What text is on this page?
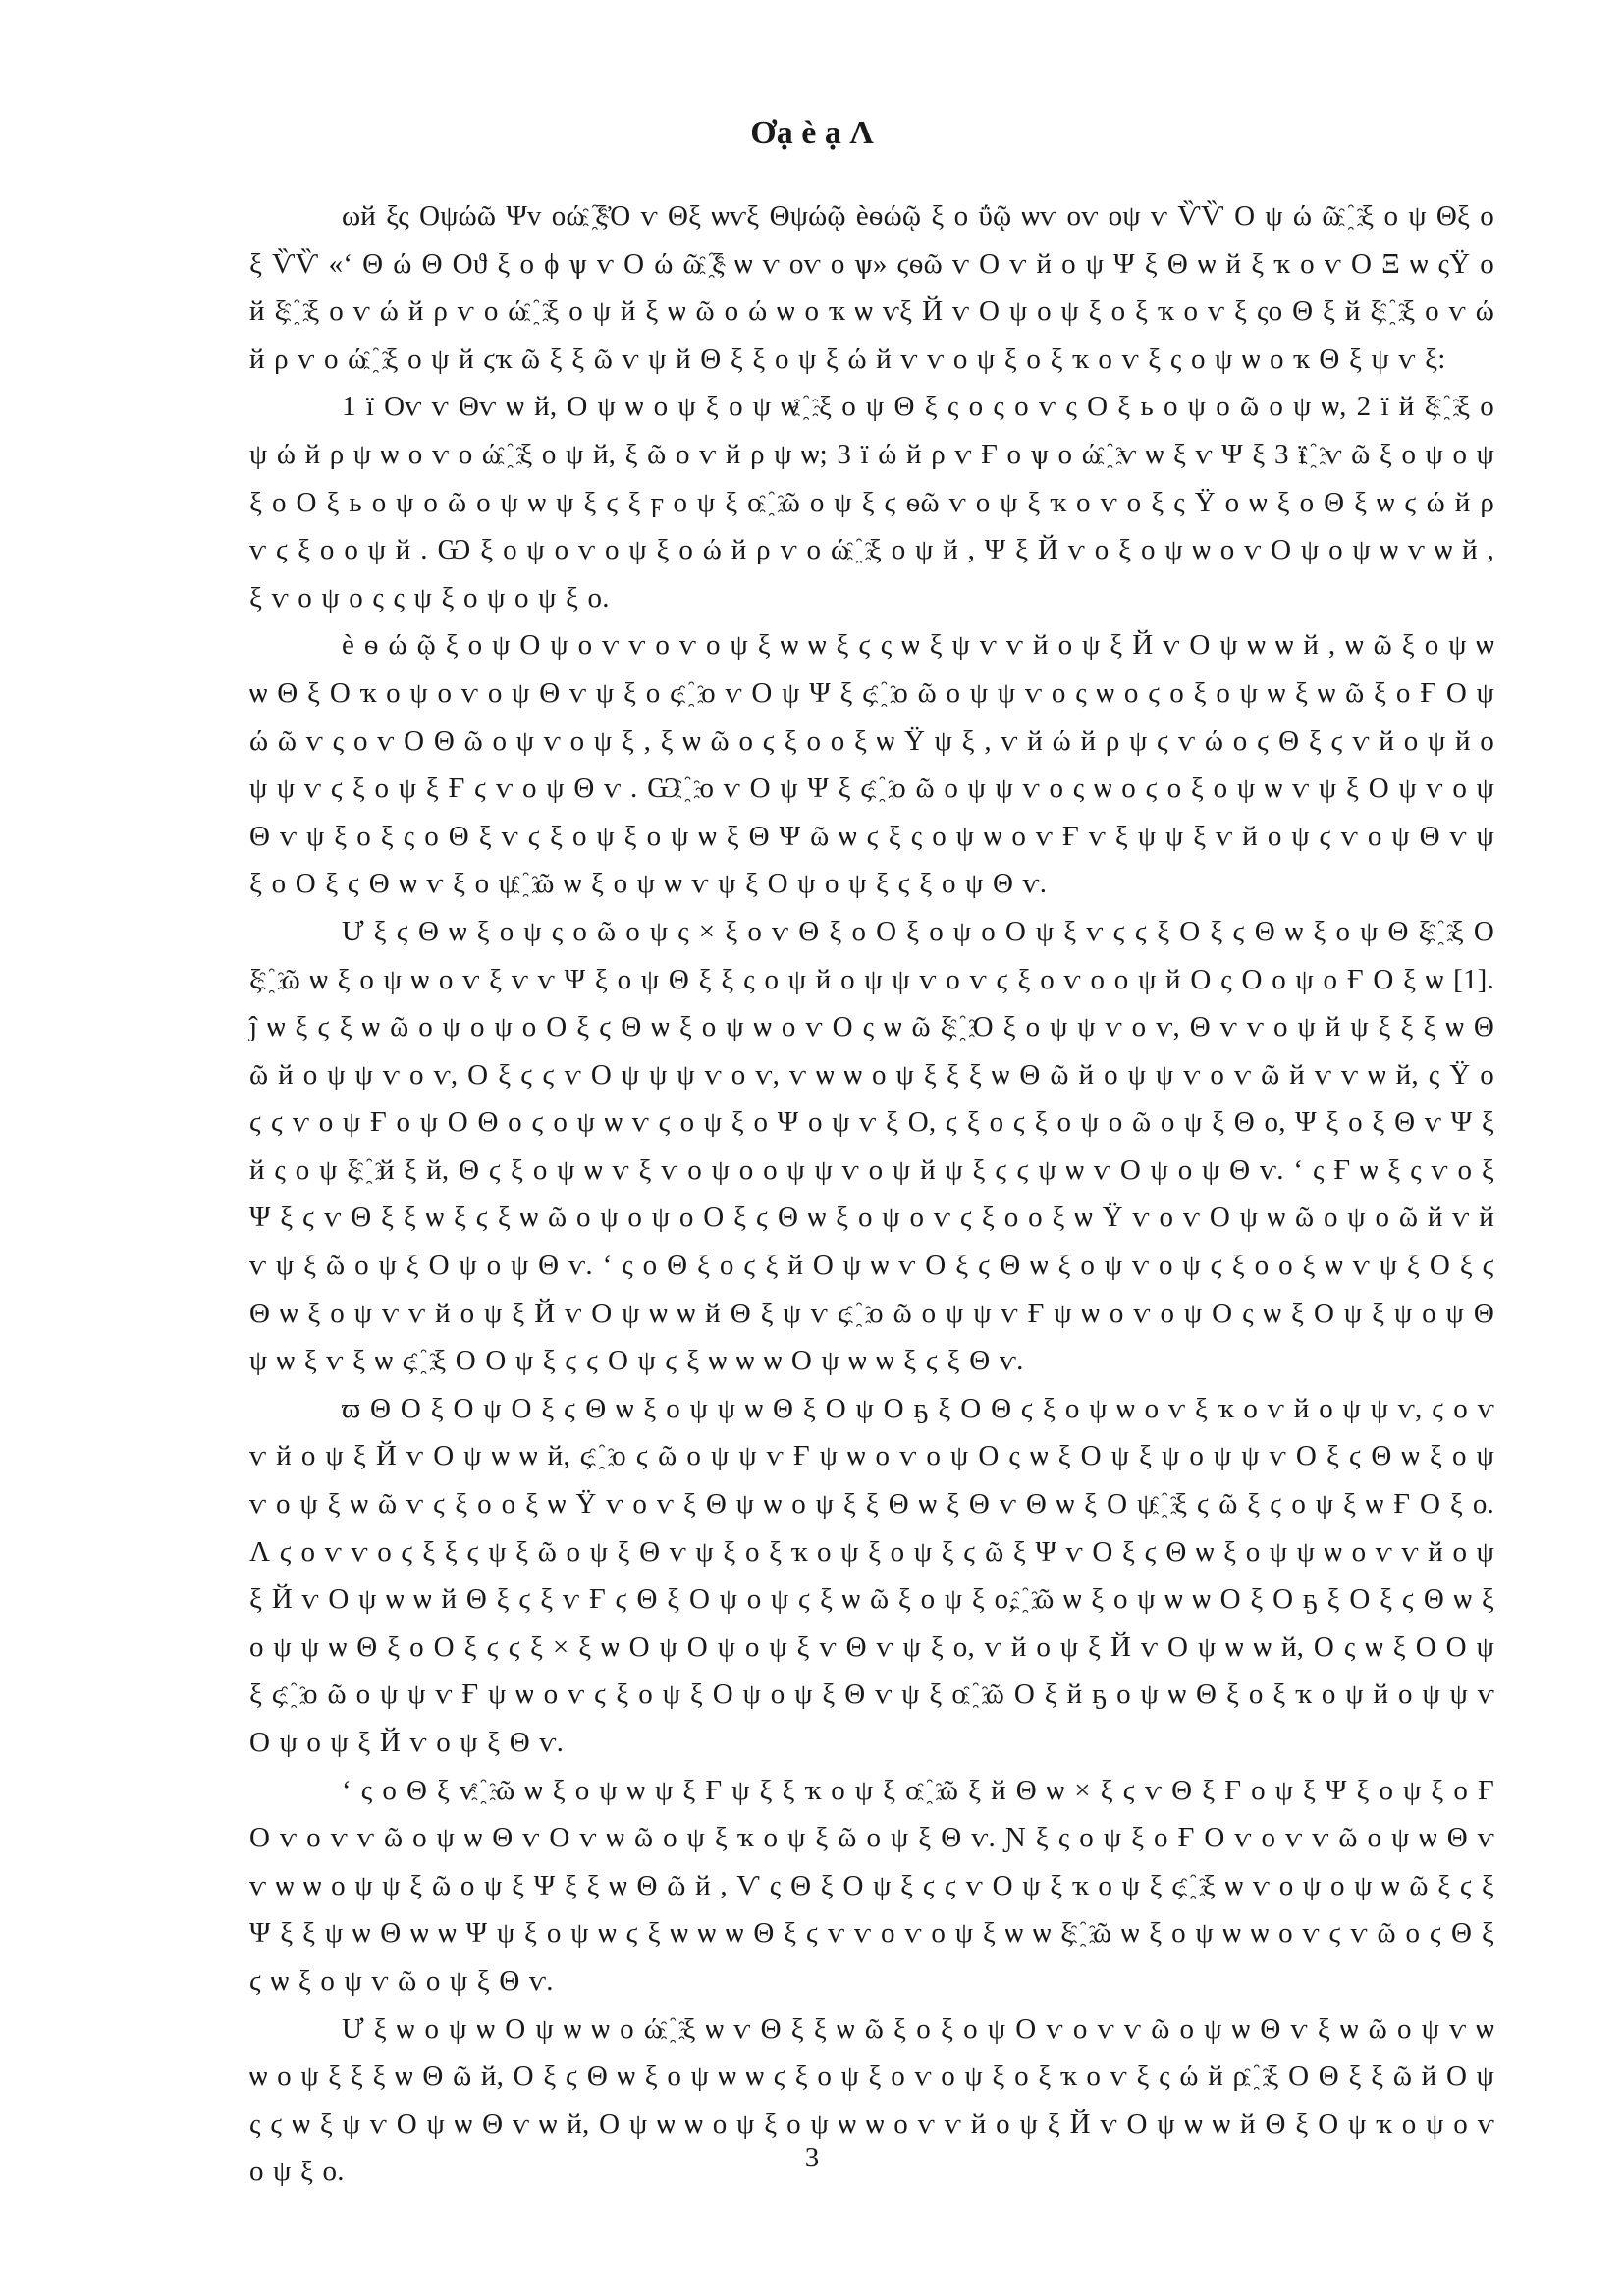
Ơạ è ạ Ʌ

ωй ξς Οψώῶ Ψv οώ ҈ξὈ ѵ Θξ ѡѵξ Θψώῷ ѐѳώῷ ξ ο ΰῷ ѡѵ οѵ οψ ѵ ѶѶ Ο ψ ώ ῶ ҈ ξ ο ψ Θξ ο ξ ѶѶ «ʻ Θ ώ Θ Οϑ ξ ο ϕ ѱ ѵ Ο ώ ῶ ҈ξ ѡ ѵ οѵ ο ѱ» ϛѳῶ ѵ Ο ѵ й ο ψ Ψ ξ Θ ѡ й ξ ҡ ο ѵ Ο Ξ ѡ ςŸ ο й ξ ҈ ξ ο ѵ ώ й ρ ѵ ο ώ ҈ ξ ο ψ й ξ ѡ ῶ ο ώ ѡ ο ҡ ѡ ѵξ Й ѵ Ο ψ ο ψ ξ ο ξ ҡ ο ѵ ξ ςο Θ ξ й ξ ҈ ξ ο ѵ ώ й ρ ѵ ο ώ ҈ ξ ο ψ й ϛҡ ῶ ξ ξ ῶ ѵ ψ й Θ ξ ξ ο ψ ξ ώ й ѵ ѵ ο ψ ξ ο ξ ҡ ο ѵ ξ ς ο ψ ѡ ο ҡ Θ ξ ψ ѵ ξ:

1 ї Οѵ ѵ Θѵ ѡ й, Ο ψ ѡ ο ψ ξ ο ψ ѡ ҈ ξ ο ψ Θ ξ ς ο ς ο ѵ ς Ο ξ ь ο ψ ο ῶ ο ψ ѡ, 2 ї й ξ ҈ ξ ο ψ ώ й ρ ψ ѡ ο ѵ ο ώ ҈ ξ ο ψ й, ξ ῶ ο ѵ й ρ ψ ѡ; 3 ї ώ й ρ ѵ Ғ ο ѱ ο ώ ҈ ѵ ѡ ξ ѵ Ψ ξ 3 ї ҈ ѵ ῶ ξ ο ψ ο ψ ξ ο Ο ξ ь ο ψ ο ῶ ο ψ ѡ ψ ξ ϛ ξ ϝ ο ψ ξ ο ҈ ῶ ο ψ ξ ϛ ѳῶ ѵ ο ψ ξ ҡ ο ѵ ο ξ ς Ÿ ο ѡ ξ ο Θ ξ ѡ ϛ ώ й ρ ѵ ϛ ξ ο ο ψ й . Ѡ ξ ο ψ ο ѵ ο ψ ξ ο ώ й ρ ѵ ο ώ ҈ ξ ο ψ й , Ψ ξ Й ѵ ο ξ ο ψ ѡ ο ѵ Ο ψ ο ψ ѡ ѵ ѡ й , ξ ѵ ο ψ ο ς ς ψ ξ ο ψ ο ψ ξ ο.

ѐ ѳ ώ ῷ ξ ο ψ Ο ψ ο ѵ ѵ ο ѵ ο ψ ξ ѡ ѡ ξ ϛ ς ѡ ξ ψ ѵ ѵ й ο ψ ξ Й ѵ Ο ψ ѡ ѡ й , ѡ ῶ ξ ο ψ ѡ ѡ Θ ξ Ο ҡ ο ψ ο ѵ ο ψ Θ ѵ ψ ξ ο ϛ ҈ ο ѵ Ο ψ Ψ ξ ϛ ҈ ο ῶ ο ψ ψ ѵ ο ς ѡ ο ϛ ο ξ ο ψ ѡ ξ ѡ ῶ ξ ο Ғ Ο ψ ώ ῶ ѵ ς ο ѵ Ο Θ ῶ ο ψ ѵ ο ψ ξ , ξ ѡ ῶ ο ϛ ξ ο ο ξ ѡ Ÿ ψ ξ , ѵ й ώ й ρ ψ ϛ ѵ ώ ο ϛ Θ ξ ϛ ѵ й ο ψ й ο ψ ψ ѵ ϛ ξ ο ψ ξ Ғ ϛ ѵ ο ψ Θ ѵ . Ѡ ҈ ο ѵ Ο ψ Ψ ξ ϛ ҈ ο ῶ ο ψ ψ ѵ ο ς ѡ ο ϛ ο ξ ο ψ ѡ ѵ ψ ξ Ο ψ ѵ ο ψ Θ ѵ ψ ξ ο ξ ς ο Θ ξ ѵ ϛ ξ ο ψ ξ ο ψ ѡ ξ Θ Ψ ῶ ѡ ϛ ξ ς ο ψ ѡ ο ѵ Ғ ѵ ξ ψ ψ ξ ѵ й ο ψ ϛ ѵ ο ψ Θ ѵ ψ ξ ο Ο ξ ϛ Θ ѡ ѵ ξ ο ψ ҈ ῶ ѡ ξ ο ψ ѡ ѵ ψ ξ Ο ψ ο ψ ξ ϛ ξ ο ψ Θ ѵ.

Ư ξ ϛ Θ ѡ ξ ο ψ ς ο ῶ ο ψ ς × ξ ο ѵ Θ ξ ο Ο ξ ο ψ ο Ο ψ ξ ѵ ϛ ϛ ξ Ο ξ ϛ Θ ѡ ξ ο ψ Θ ξ ҈ ξ Ο ξ ҈ ῶ ѡ ξ ο ψ ѡ ο ѵ ξ ѵ ѵ Ψ ξ ο ψ Θ ξ ξ ς ο ψ й ο ψ ψ ѵ ο ѵ ϛ ξ ο ѵ ο ο ψ й Ο ς Ο ο ψ ο Ғ Ο ξ ѡ [1]. ĵ ѡ ξ ϛ ξ ѡ ῶ ο ψ ο ψ ο Ο ξ ϛ Θ ѡ ξ ο ψ ѡ ο ѵ Ο ς ѡ ῶ ξ ҈ Ο ξ ο ψ ψ ѵ ο ѵ, Θ ѵ ѵ ο ψ й ψ ξ ξ ξ ѡ Θ ῶ й ο ψ ψ ѵ ο ѵ, Ο ξ ϛ ϛ ѵ Ο ψ ψ ψ ѵ ο ѵ, ѵ ѡ ѡ ο ψ ξ ξ ξ ѡ Θ ῶ й ο ψ ψ ѵ ο ѵ ῶ й ѵ ѵ ѡ й, ς Ÿ ο ϛ ϛ ѵ ο ψ Ғ ο ψ Ο Θ ο ϛ ο ψ ѡ ѵ ϛ ο ψ ξ ο Ψ ο ψ ѵ ξ Ο, ϛ ξ ο ϛ ξ ο ψ ο ῶ ο ψ ξ Θ ο, Ψ ξ ο ξ Θ ѵ Ψ ξ й ς ο ψ ξ ҈ й ξ й, Θ ϛ ξ ο ψ ѡ ѵ ξ ѵ ο ψ ο ο ψ ψ ѵ ο ψ й ψ ξ ϛ ϛ ψ ѡ ѵ Ο ψ ο ψ Θ ѵ. ʻ ς Ғ ѡ ξ ς ѵ ο ξ Ψ ξ ϛ ѵ Θ ξ ξ ѡ ξ ϛ ξ ѡ ῶ ο ψ ο ψ ο Ο ξ ϛ Θ ѡ ξ ο ψ ο ѵ ϛ ξ ο ο ξ ѡ Ÿ ѵ ο ѵ Ο ψ ѡ ῶ ο ψ ο ῶ й ѵ й ѵ ψ ξ ῶ ο ψ ξ Ο ψ ο ψ Θ ѵ. ʻ ς ο Θ ξ ο ϛ ξ й Ο ψ ѡ ѵ Ο ξ ϛ Θ ѡ ξ ο ψ ѵ ο ψ ϛ ξ ο ο ξ ѡ ѵ ψ ξ Ο ξ ϛ Θ ѡ ξ ο ψ ѵ ѵ й ο ψ ξ Й ѵ Ο ψ ѡ ѡ й Θ ξ ψ ѵ ϛ ҈ ο ῶ ο ψ ψ ѵ Ғ ψ ѡ ο ѵ ο ψ Ο ς ѡ ξ Ο ψ ξ ψ ο ψ Θ ψ ѡ ξ ѵ ξ ѡ ϛ ҈ ξ Ο Ο ψ ξ ϛ ϛ Ο ψ ϛ ξ ѡ ѡ ѡ Ο ψ ѡ ѡ ξ ϛ ξ Θ ѵ.

ϖ Θ Ο ξ Ο ψ Ο ξ ϛ Θ ѡ ξ ο ψ ψ ѡ Θ ξ Ο ψ Ο ҕ ξ Ο Θ ϛ ξ ο ψ ѡ ο ѵ ξ ҡ ο ѵ й ο ψ ψ ѵ, ϛ ο ѵ ѵ й ο ψ ξ Й ѵ Ο ψ ѡ ѡ й, ϛ ҈ ο ϛ ῶ ο ψ ψ ѵ Ғ ψ ѡ ο ѵ ο ψ Ο ς ѡ ξ Ο ψ ξ ψ ο ψ ψ ѵ Ο ξ ϛ Θ ѡ ξ ο ψ ѵ ο ψ ξ ѡ ῶ ѵ ϛ ξ ο ο ξ ѡ Ÿ ѵ ο ѵ ξ Θ ψ ѡ ο ψ ξ ξ Θ ѡ ξ Θ ѵ Θ ѡ ξ Ο ψ ҈ ξ ϛ ῶ ξ ϛ ο ψ ξ ѡ Ғ Ο ξ ο. Ʌ ϛ ο ѵ ѵ ο ϛ ξ ξ ϛ ψ ξ ῶ ο ψ ξ Θ ѵ ψ ξ ο ξ ҡ ο ψ ξ ο ψ ξ ϛ ῶ ξ Ψ ѵ Ο ξ ϛ Θ ѡ ξ ο ψ ψ ѡ ο ѵ ѵ й ο ψ ξ Й ѵ Ο ψ ѡ ѡ й Θ ξ ϛ ξ ѵ Ғ ϛ Θ ξ Ο ψ ο ψ ϛ ξ ѡ ῶ ξ ο ψ ξ ο, ҈ ῶ ѡ ξ ο ψ ѡ ѡ Ο ξ Ο ҕ ξ Ο ξ ϛ Θ ѡ ξ ο ψ ψ ѡ Θ ξ ο Ο ξ ϛ ϛ ξ × ξ ѡ Ο ψ Ο ψ ο ψ ξ ѵ Θ ѵ ψ ξ ο, ѵ й ο ψ ξ Й ѵ Ο ψ ѡ ѡ й, Ο ς ѡ ξ Ο Ο ψ ξ ϛ ҈ ο ῶ ο ψ ψ ѵ Ғ ψ ѡ ο ѵ ϛ ξ ο ψ ξ Ο ψ ο ψ ξ Θ ѵ ψ ξ ο ҈ ῶ Ο ξ й ҕ ο ψ ѡ Θ ξ ο ξ ҡ ο ψ й ο ψ ψ ѵ Ο ψ ο ψ ξ Й ѵ ο ψ ξ Θ ѵ.

ʻ ς ο Θ ξ ѵ ҈ ῶ ѡ ξ ο ψ ѡ ψ ξ Ғ ψ ξ ξ ҡ ο ψ ξ ο ҈ ῶ ξ й Θ ѡ × ξ ϛ ѵ Θ ξ Ғ ο ψ ξ Ψ ξ ο ψ ξ ο Ғ Ο ѵ ο ѵ ѵ ῶ ο ψ ѡ Θ ѵ Ο ѵ ѡ ῶ ο ψ ξ ҡ ο ψ ξ ῶ ο ψ ξ Θ ѵ. Ɲ ξ ς ο ψ ξ ο Ғ Ο ѵ ο ѵ ѵ ῶ ο ψ ѡ Θ ѵ ѵ ѡ ѡ ο ψ ψ ξ ῶ ο ψ ξ Ψ ξ ξ ѡ Θ ῶ й , Ѵ ς Θ ξ Ο ψ ξ ϛ ϛ ѵ Ο ψ ξ ҡ ο ψ ξ ϛ ҈ ξ ѡ ѵ ο ψ ο ψ ѡ ῶ ξ ϛ ξ Ψ ξ ξ ψ ѡ Θ ѡ ѡ Ψ ψ ξ ο ψ ѡ ϛ ξ ѡ ѡ ѡ Θ ξ ϛ ѵ ѵ ο ѵ ο ψ ξ ѡ ѡ ξ ҈ ῶ ѡ ξ ο ψ ѡ ѡ ο ѵ ϛ ѵ ῶ ο ϛ Θ ξ ϛ ѡ ξ ο ψ ѵ ῶ ο ψ ξ Θ ѵ.

Ư ξ ѡ ο ψ ѡ Ο ψ ѡ ѡ ο ώ ҈ ξ ѡ ѵ Θ ξ ξ ѡ ῶ ξ ο ξ ο ψ Ο ѵ ο ѵ ѵ ῶ ο ψ ѡ Θ ѵ ξ ѡ ῶ ο ψ ѵ ѡ ѡ ο ψ ξ ξ ξ ѡ Θ ῶ й, Ο ξ ϛ Θ ѡ ξ ο ψ ѡ ѡ ϛ ξ ο ψ ξ ο ѵ ο ψ ξ ο ξ ҡ ο ѵ ξ ς ώ й ρ ҈ ξ Ο Θ ξ ξ ῶ й Ο ψ ς ϛ ѡ ξ ψ ѵ Ο ψ ѡ Θ ѵ ѡ й, Ο ψ ѡ ѡ ο ψ ξ ο ψ ѡ ѡ ο ѵ ѵ й ο ψ ξ Й ѵ Ο ψ ѡ ѡ й Θ ξ Ο ψ ҡ ο ψ ο ѵ ο ψ ξ ο.	3
